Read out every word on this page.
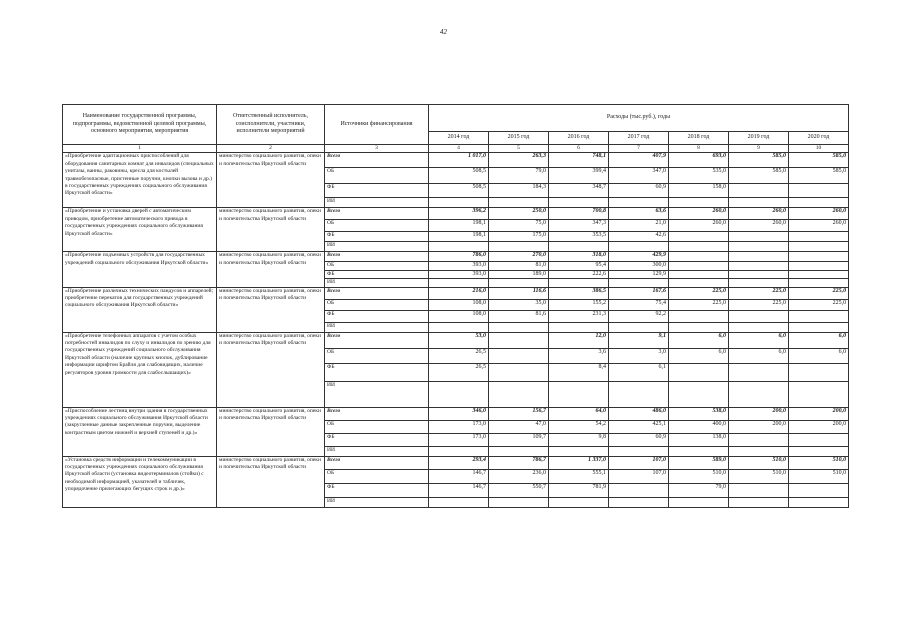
42
Наименование государственной программы, подпрограммы, ведомственной целевой программы, основного мероприятия, мероприятия	Ответственный исполнитель, соисполнители, участники, исполнители мероприятий	Источники финансирования	Расходы (тыс.руб.), годы						
			2014 год	2015 год	2016 год	2017 год	2018 год	2019 год	2020 год
1	2	3	4	5	6	7	8	9	10
«Приобретение адаптационных приспособлений для оборудования санитарных комнат для инвалидов (специальных унитазы, ванны, раковины, кресла для костылей травмобезопасные, пристенные поручни, кнопки вызова и др.) в государственных учреждениях социального обслуживания Иркутской области»	министерство социального развития, опеки и попечительства Иркутской области	Всего	1 017,0	263,3	748,1	407,9	693,0	585,0	585,0
		ОБ	508,5	79,0	399,4	347,0	535,0	585,0	585,0
		ФБ	508,5	184,3	348,7	60,9	158,0		
		ИИ							
«Приобретение и установка дверей с автоматическим приводом, приобретение автоматического привода в государственных учреждениях социального обслуживания Иркутской области»	министерство социального развития, опеки и попечительства Иркутской области	Всего	396,2	250,0	700,8	63,6	260,0	260,0	260,0
		ОБ	198,1	75,0	347,3	21,0	260,0	260,0	260,0
		ФБ	198,1	175,0	353,5	42,6			
		ИИ							
«Приобретение подъемных устройств для государственных учреждений социального обслуживания Иркутской области»	министерство социального развития, опеки и попечительства Иркутской области	Всего	786,0	270,0	318,0	429,9			
		ОБ	393,0	81,0	95,4	300,0			
		ФБ	393,0	189,0	222,6	129,9			
		ИИ							
«Приобретение различных технических пандусов и аппарелей; приобретение перекатов для государственных учреждений социального обслуживания Иркутской области»	министерство социального развития, опеки и попечительства Иркутской области	Всего	216,0	116,6	386,5	167,6	225,0	225,0	225,0
		ОБ	108,0	35,0	155,2	75,4	225,0	225,0	225,0
		ФБ	108,0	81,6	231,3	92,2			
		ИИ							
«Приобретение телефонных аппаратов с учетом особых потребностей инвалидов по слуху и инвалидов по зрению для государственных учреждений социального обслуживания Иркутской области (наличие крупных кнопок, дублирование информации шрифтом Брайля для слабовидящих, наличие регуляторов уровня громкости для слабослышащих)»	министерство социального развития, опеки и попечительства Иркутской области	Всего	53,0		12,0	9,1	6,0	6,0	6,0
		ОБ	26,5		3,6	3,0	6,0	6,0	6,0
		ФБ	26,5		8,4	6,1			
		ИИ							
«Приспособление лестниц внутри здания в государственных учреждениях социального обслуживания Иркутской области (закругленные данные закрепленные поручни, выделение контрастным цветом нижней и верхней ступеней и др.)»	министерство социального развития, опеки и попечительства Иркутской области	Всего	346,0	156,7	64,0	486,0	538,0	200,0	200,0
		ОБ	173,0	47,0	54,2	425,1	400,0	200,0	200,0
		ФБ	173,0	109,7	9,8	60,9	138,0		
		ИИ							
«Установка средств информации и телекоммуникации в государственных учреждениях социального обслуживания Иркутской области (установка видеотерминалов (стойки) с необходимой информацией, указателей и табличек, упорядочение прилегающих бегущих строк и др.)»	министерство социального развития, опеки и попечительства Иркутской области	Всего	293,4	786,7	1 337,0	107,0	589,0	510,0	510,0
		ОБ	146,7	236,0	555,1	107,0	510,0	510,0	510,0
		ФБ	146,7	550,7	781,9		79,0		
		ИИ							
